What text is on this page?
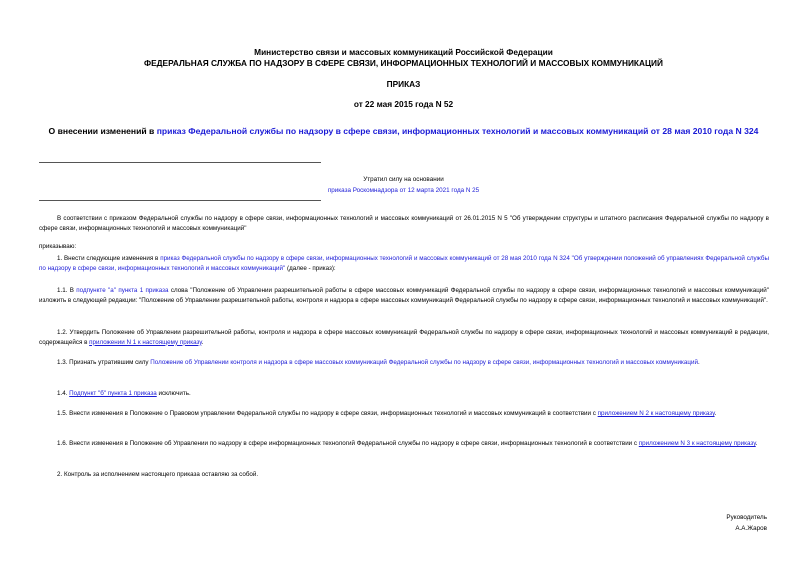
Министерство связи и массовых коммуникаций Российской Федерации
ФЕДЕРАЛЬНАЯ СЛУЖБА ПО НАДЗОРУ В СФЕРЕ СВЯЗИ, ИНФОРМАЦИОННЫХ ТЕХНОЛОГИЙ И МАССОВЫХ КОММУНИКАЦИЙ
ПРИКАЗ
от 22 мая 2015 года N 52
О внесении изменений в приказ Федеральной службы по надзору в сфере связи, информационных технологий и массовых коммуникаций от 28 мая 2010 года N 324
Утратил силу на основании
приказа Роскомнадзора от 12 марта 2021 года N 25
В соответствии с приказом Федеральной службы по надзору в сфере связи, информационных технологий и массовых коммуникаций от 26.01.2015 N 5 "Об утверждении структуры и штатного расписания Федеральной службы по надзору в сфере связи, информационных технологий и массовых коммуникаций"
приказываю:
1. Внести следующие изменения в приказ Федеральной службы по надзору в сфере связи, информационных технологий и массовых коммуникаций от 28 мая 2010 года N 324 "Об утверждении положений об управлениях Федеральной службы по надзору в сфере связи, информационных технологий и массовых коммуникаций" (далее - приказ):
1.1. В подпункте "а" пункта 1 приказа слова "Положение об Управлении разрешительной работы в сфере массовых коммуникаций Федеральной службы по надзору в сфере связи, информационных технологий и массовых коммуникаций" изложить в следующей редакции: "Положение об Управлении разрешительной работы, контроля и надзора в сфере массовых коммуникаций Федеральной службы по надзору в сфере связи, информационных технологий и массовых коммуникаций".
1.2. Утвердить Положение об Управлении разрешительной работы, контроля и надзора в сфере массовых коммуникаций Федеральной службы по надзору в сфере связи, информационных технологий и массовых коммуникаций в редакции, содержащейся в приложении N 1 к настоящему приказу.
1.3. Признать утратившим силу Положение об Управлении контроля и надзора в сфере массовых коммуникаций Федеральной службы по надзору в сфере связи, информационных технологий и массовых коммуникаций.
1.4. Подпункт "б" пункта 1 приказа исключить.
1.5. Внести изменения в Положение о Правовом управлении Федеральной службы по надзору в сфере связи, информационных технологий и массовых коммуникаций в соответствии с приложением N 2 к настоящему приказу.
1.6. Внести изменения в Положение об Управлении по надзору в сфере информационных технологий Федеральной службы по надзору в сфере связи, информационных технологий в соответствии с приложением N 3 к настоящему приказу.
2. Контроль за исполнением настоящего приказа оставляю за собой.
Руководитель
А.А.Жаров
